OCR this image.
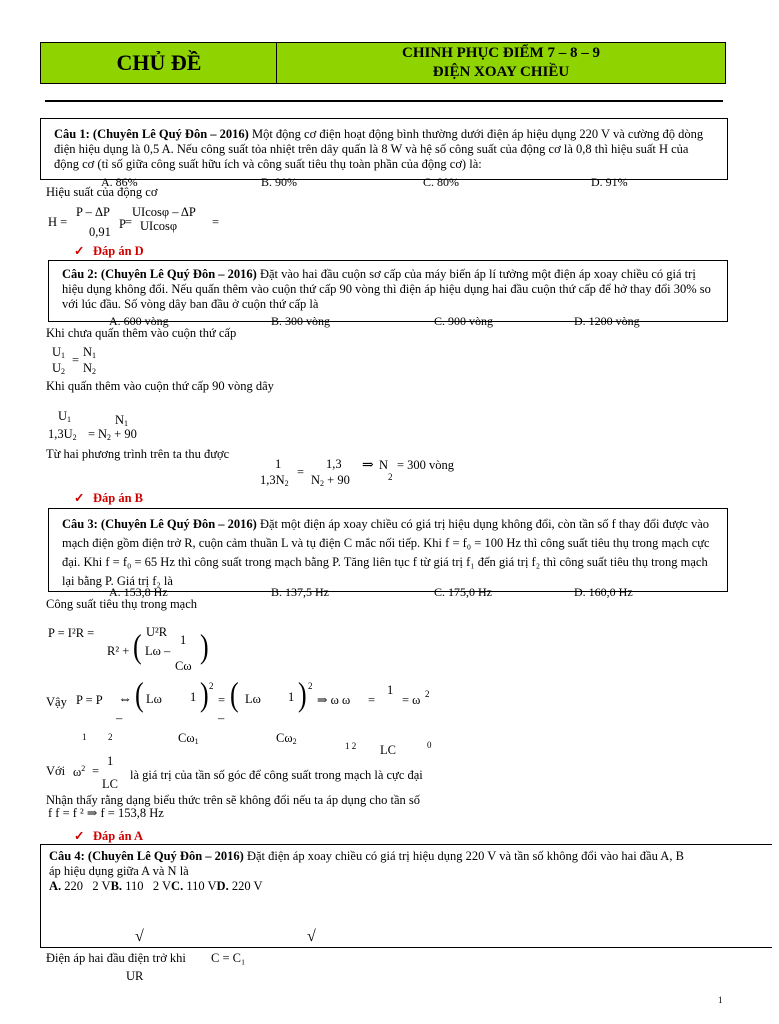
CHỦ ĐỀ	CHINH PHỤC ĐIỂM 7 – 8 – 9
ĐIỆN XOAY CHIỀU
Câu 1: (Chuyên Lê Quý Đôn – 2016) Một động cơ điện hoạt động bình thường dưới điện áp hiệu dụng 220 V và cường độ dòng điện hiệu dụng là 0,5 A. Nếu công suất tỏa nhiệt trên dây quấn là 8 W và hệ số công suất của động cơ là 0,8 thì hiệu suất H của động cơ (tỉ số giữa công suất hữu ích và công suất tiêu thụ toàn phần của động cơ) là:
A. 86%	B. 90%	C. 80%	D. 91%
Hiệu suất của động cơ
H =
P – ΔP
P =
UIcosφ – ΔP
UIcosφ	=
0,91
✓ Đáp án D
Câu 2: (Chuyên Lê Quý Đôn – 2016) Đặt vào hai đầu cuộn sơ cấp của máy biến áp lí tưởng một điện áp xoay chiều có giá trị hiệu dụng không đổi. Nếu quấn thêm vào cuộn thứ cấp 90 vòng thì điện áp hiệu dụng hai đầu cuộn thứ cấp để hở thay đổi 30% so với lúc đầu. Số vòng dây ban đầu ở cuộn thứ cấp là
A. 600 vòng	B. 300 vòng	C. 900 vòng	D. 1200 vòng
Khi chưa quấn thêm vào cuộn thứ cấp
$U_1$
$U_2$
=
$N_1$
$N_2$
Khi quấn thêm vào cuộn thứ cấp 90 vòng dây
$U_1$
$1,3U_2$ =
$N_1$
$N_2 + 90$
Từ hai phương trình trên ta thu được
1
$1,3N_2$
=
1,3
$N_2 + 90$
⇒ N = 300 vòng
2
✓ Đáp án B
Câu 3: (Chuyên Lê Quý Đôn – 2016) Đặt một điện áp xoay chiều có giá trị hiệu dụng không đổi, còn tần số f thay đổi được vào mạch điện gồm điện trở R, cuộn cảm thuần L và tụ điện C mắc nối tiếp. Khi f = f₀ = 100 Hz thì công suất tiêu thụ trong mạch cực đại. Khi f = f₀ = 65 Hz thì công suất trong mạch bằng P. Tăng liên tục f từ giá trị f₁ đến giá trị f₂ thì công suất tiêu thụ trong mạch lại bằng P. Giá trị f₂ là
A. 153,8 Hz	B. 137,5 Hz	C. 175,0 Hz	D. 160,0 Hz
Công suất tiêu thụ trong mạch
P = I²R =	U²R
R² + ( Lω –
1
Cω
)
Vậy P = P ⇔ ( Lω 1 ) 2
= ( Lω 1 ) 2
⇒ ω ω =
1
= ω 2
–	–
1 2	$C\omega_1$	$C\omega_2$	1 2 LC	0
Với $\omega^2$ =
1
LC
là giá trị của tần số góc để công suất trong mạch là cực đại
Nhận thấy rằng dạng biểu thức trên sẽ không đổi nếu ta áp dụng cho tần số
f f = f ² ⇒ f = 153,8 Hz
✓ Đáp án A
Câu 4: (Chuyên Lê Quý Đôn – 2016) Đặt điện áp xoay chiều có giá trị hiệu dụng 220 V và tần số không đổi vào hai đầu A, B
áp hiệu dụng giữa A và N là
A. 220 2 VB. 110 2 VC. 110 VD. 220 V
√	√
Điện áp hai đầu điện trở khi C = C₁
UR
1
